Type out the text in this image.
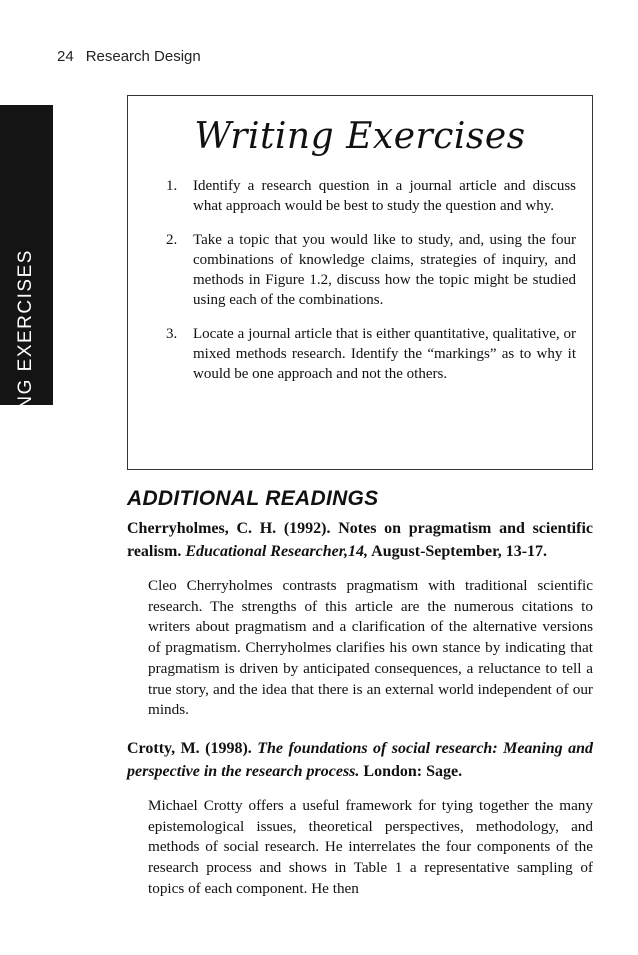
24 Research Design
WRITING EXERCISES
Writing Exercises
1. Identify a research question in a journal article and discuss what approach would be best to study the question and why.
2. Take a topic that you would like to study, and, using the four combinations of knowledge claims, strategies of inquiry, and methods in Figure 1.2, discuss how the topic might be studied using each of the combinations.
3. Locate a journal article that is either quantitative, qualitative, or mixed methods research. Identify the “markings” as to why it would be one approach and not the others.
ADDITIONAL READINGS
Cherryholmes, C. H. (1992). Notes on pragmatism and scientific realism. Educational Researcher,14, August-September, 13-17.
Cleo Cherryholmes contrasts pragmatism with traditional scientific research. The strengths of this article are the numerous citations to writers about pragmatism and a clarification of the alternative versions of pragmatism. Cherryholmes clarifies his own stance by indicating that pragmatism is driven by anticipated consequences, a reluctance to tell a true story, and the idea that there is an external world independent of our minds.
Crotty, M. (1998). The foundations of social research: Meaning and perspective in the research process. London: Sage.
Michael Crotty offers a useful framework for tying together the many epistemological issues, theoretical perspectives, methodology, and methods of social research. He interrelates the four components of the research process and shows in Table 1 a representative sampling of topics of each component. He then
